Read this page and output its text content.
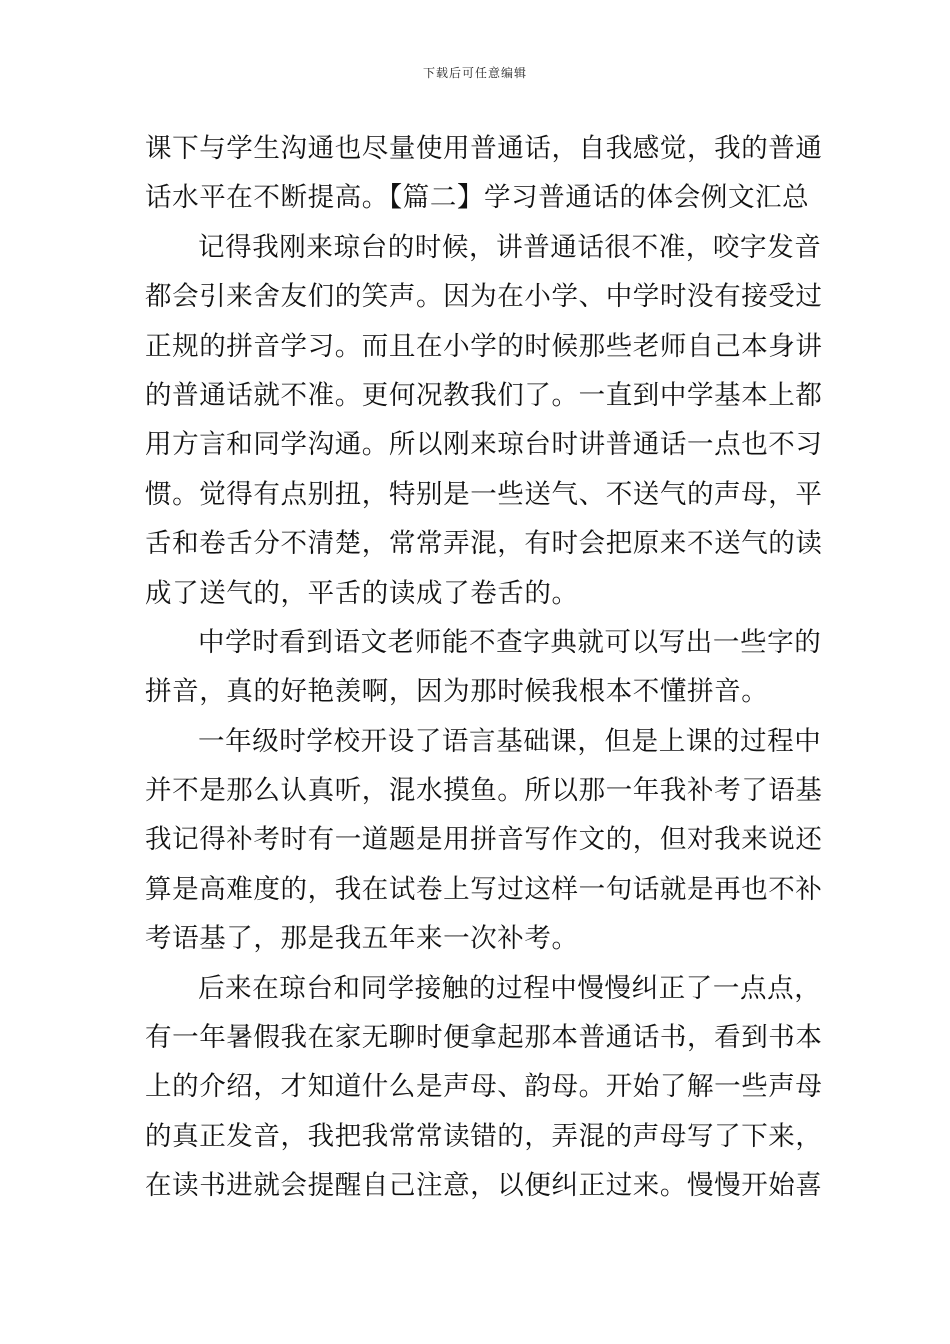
下载后可任意编辑
课下与学生沟通也尽量使用普通话，自我感觉，我的普通
话水平在不断提高。【篇二】学习普通话的体会例文汇总
记得我刚来琼台的时候，讲普通话很不准，咬字发音
都会引来舍友们的笑声。因为在小学、中学时没有接受过
正规的拼音学习。而且在小学的时候那些老师自己本身讲
的普通话就不准。更何况教我们了。一直到中学基本上都
用方言和同学沟通。所以刚来琼台时讲普通话一点也不习
惯。觉得有点别扭，特别是一些送气、不送气的声母，平
舌和卷舌分不清楚，常常弄混，有时会把原来不送气的读
成了送气的，平舌的读成了卷舌的。
中学时看到语文老师能不查字典就可以写出一些字的
拼音，真的好艳羡啊，因为那时候我根本不懂拼音。
一年级时学校开设了语言基础课，但是上课的过程中
并不是那么认真听，混水摸鱼。所以那一年我补考了语基
我记得补考时有一道题是用拼音写作文的，但对我来说还
算是高难度的，我在试卷上写过这样一句话就是再也不补
考语基了，那是我五年来一次补考。
后来在琼台和同学接触的过程中慢慢纠正了一点点，
有一年暑假我在家无聊时便拿起那本普通话书，看到书本
上的介绍，才知道什么是声母、韵母。开始了解一些声母
的真正发音，我把我常常读错的，弄混的声母写了下来，
在读书进就会提醒自己注意，以便纠正过来。慢慢开始喜
